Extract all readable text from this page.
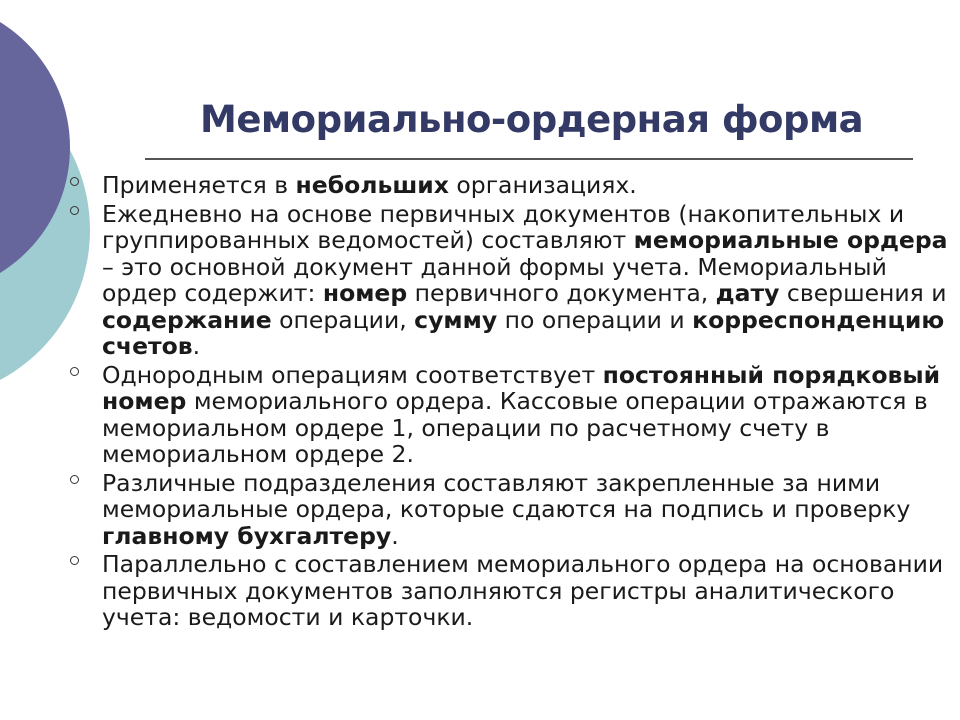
Мемориально-ордерная форма
Применяется в небольших организациях.
Ежедневно на основе первичных документов (накопительных и группированных ведомостей) составляют мемориальные ордера – это основной документ данной формы учета. Мемориальный ордер содержит: номер первичного документа, дату свершения и содержание операции, сумму по операции и корреспонденцию счетов.
Однородным операциям соответствует постоянный порядковый номер мемориального ордера. Кассовые операции отражаются в мемориальном ордере 1, операции по расчетному счету в мемориальном ордере 2.
Различные подразделения составляют закрепленные за ними мемориальные ордера, которые сдаются на подпись и проверку главному бухгалтеру.
Параллельно с составлением мемориального ордера на основании первичных документов заполняются регистры аналитического учета: ведомости и карточки.
